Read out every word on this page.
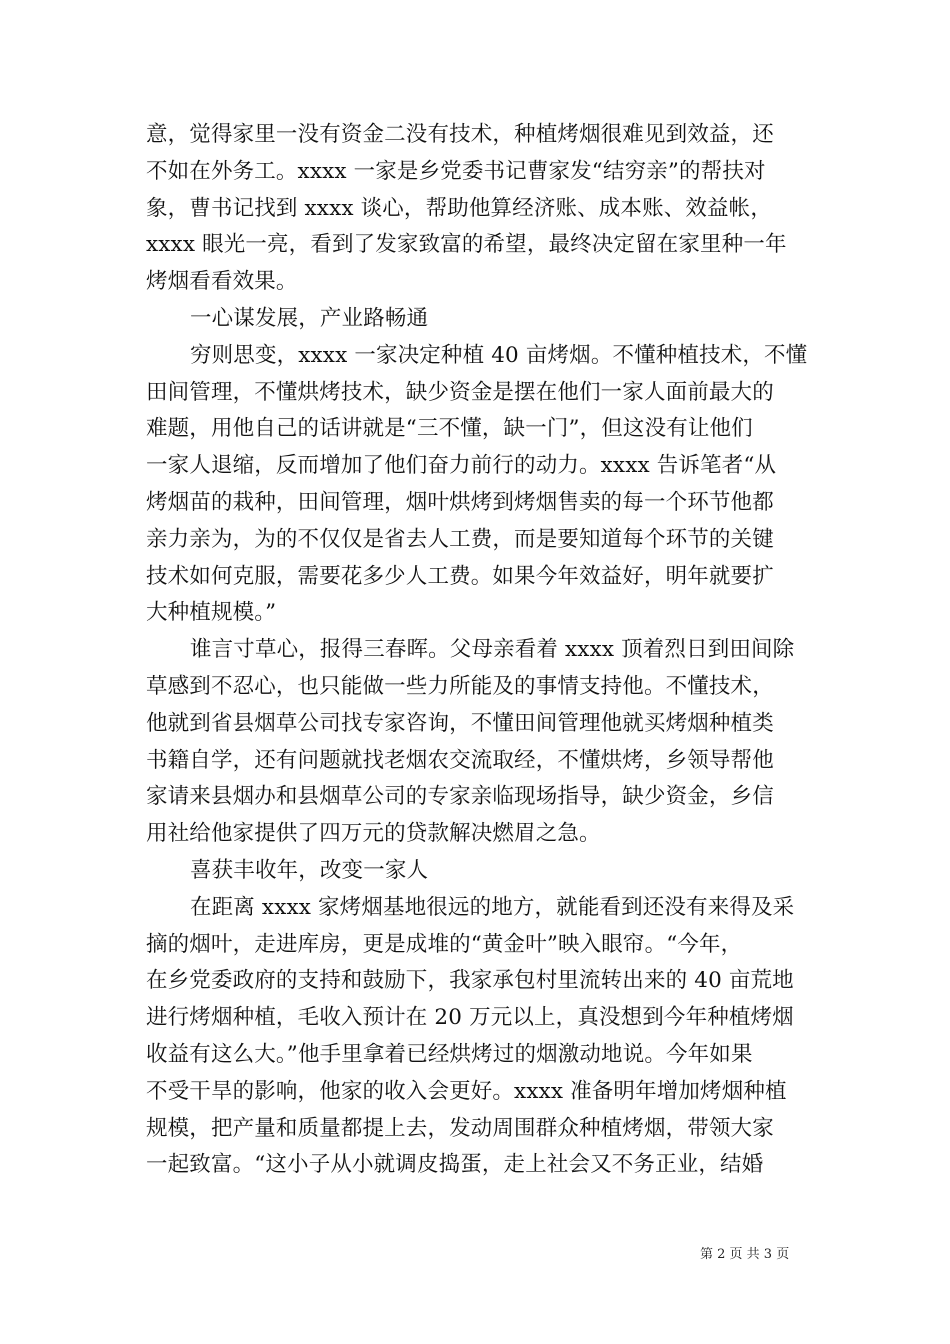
意，觉得家里一没有资金二没有技术，种植烤烟很难见到效益，还
不如在外务工。xxxx 一家是乡党委书记曹家发“结穷亲”的帮扶对
象，曹书记找到 xxxx 谈心，帮助他算经济账、成本账、效益帐，
xxxx 眼光一亮，看到了发家致富的希望，最终决定留在家里种一年
烤烟看看效果。
一心谋发展，产业路畅通
穷则思变，xxxx 一家决定种植 40 亩烤烟。不懂种植技术，不懂
田间管理，不懂烘烤技术，缺少资金是摆在他们一家人面前最大的
难题，用他自己的话讲就是“三不懂，缺一门”，但这没有让他们
一家人退缩，反而增加了他们奋力前行的动力。xxxx 告诉笔者“从
烤烟苗的栽种，田间管理，烟叶烘烤到烤烟售卖的每一个环节他都
亲力亲为，为的不仅仅是省去人工费，而是要知道每个环节的关键
技术如何克服，需要花多少人工费。如果今年效益好，明年就要扩
大种植规模。”
谁言寸草心，报得三春晖。父母亲看着 xxxx 顶着烈日到田间除
草感到不忍心，也只能做一些力所能及的事情支持他。不懂技术，
他就到省县烟草公司找专家咨询，不懂田间管理他就买烤烟种植类
书籍自学，还有问题就找老烟农交流取经，不懂烘烤，乡领导帮他
家请来县烟办和县烟草公司的专家亲临现场指导，缺少资金，乡信
用社给他家提供了四万元的贷款解决燃眉之急。
喜获丰收年，改变一家人
在距离 xxxx 家烤烟基地很远的地方，就能看到还没有来得及采
摘的烟叶，走进库房，更是成堆的“黄金叶”映入眼帘。“今年，
在乡党委政府的支持和鼓励下，我家承包村里流转出来的 40 亩荒地
进行烤烟种植，毛收入预计在 20 万元以上，真没想到今年种植烤烟
收益有这么大。”他手里拿着已经烘烤过的烟激动地说。今年如果
不受干旱的影响，他家的收入会更好。xxxx 准备明年增加烤烟种植
规模，把产量和质量都提上去，发动周围群众种植烤烟，带领大家
一起致富。“这小子从小就调皮捣蛋，走上社会又不务正业，结婚
第 2 页 共 3 页
